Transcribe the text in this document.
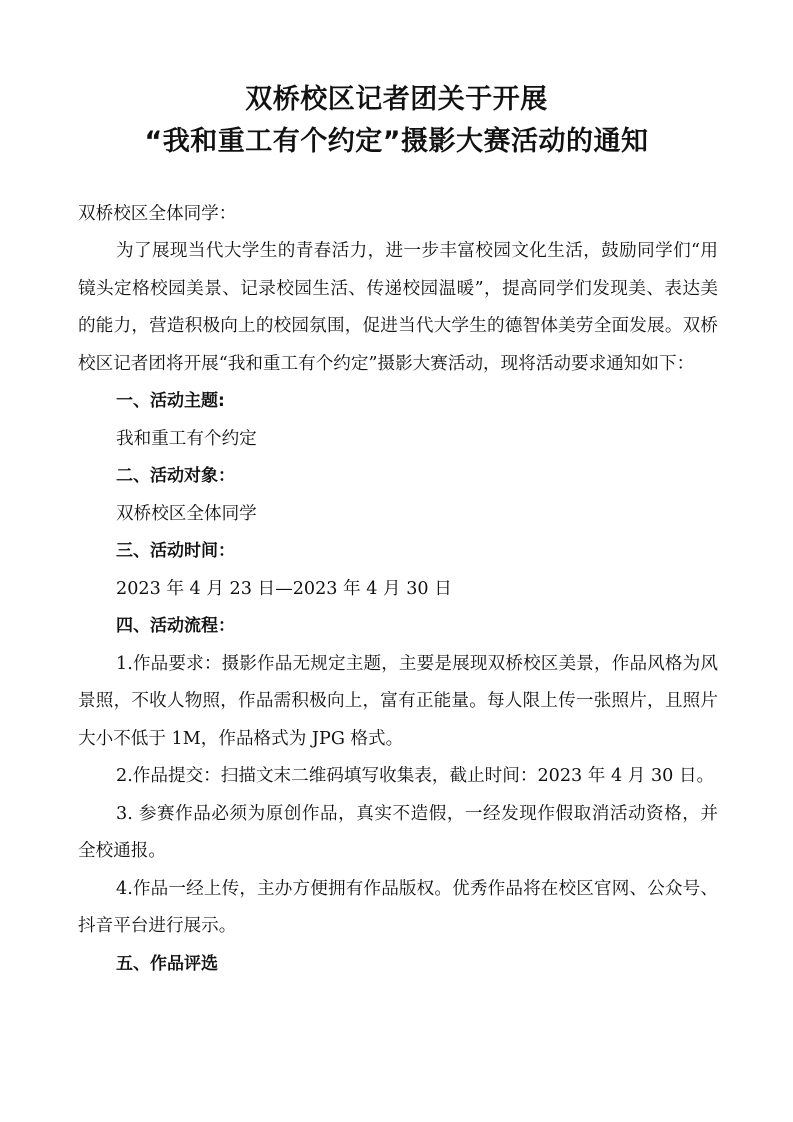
双桥校区记者团关于开展
“我和重工有个约定”摄影大赛活动的通知
双桥校区全体同学：

为了展现当代大学生的青春活力，进一步丰富校园文化生活，鼓励同学们“用镜头定格校园美景、记录校园生活、传递校园温暖”，提高同学们发现美、表达美的能力，营造积极向上的校园氛围，促进当代大学生的德智体美劳全面发展。双桥校区记者团将开展“我和重工有个约定”摄影大赛活动，现将活动要求通知如下：

一、活动主题:

我和重工有个约定

二、活动对象：

双桥校区全体同学

三、活动时间：

2023 年 4 月 23 日—2023 年 4 月 30 日

四、活动流程：

1.作品要求：摄影作品无规定主题，主要是展现双桥校区美景，作品风格为风景照，不收人物照，作品需积极向上，富有正能量。每人限上传一张照片，且照片大小不低于 1M，作品格式为 JPG 格式。

2.作品提交：扫描文末二维码填写收集表，截止时间：2023 年 4 月 30 日。

3. 参赛作品必须为原创作品，真实不造假，一经发现作假取消活动资格，并全校通报。

4.作品一经上传，主办方便拥有作品版权。优秀作品将在校区官网、公众号、抖音平台进行展示。

五、作品评选
